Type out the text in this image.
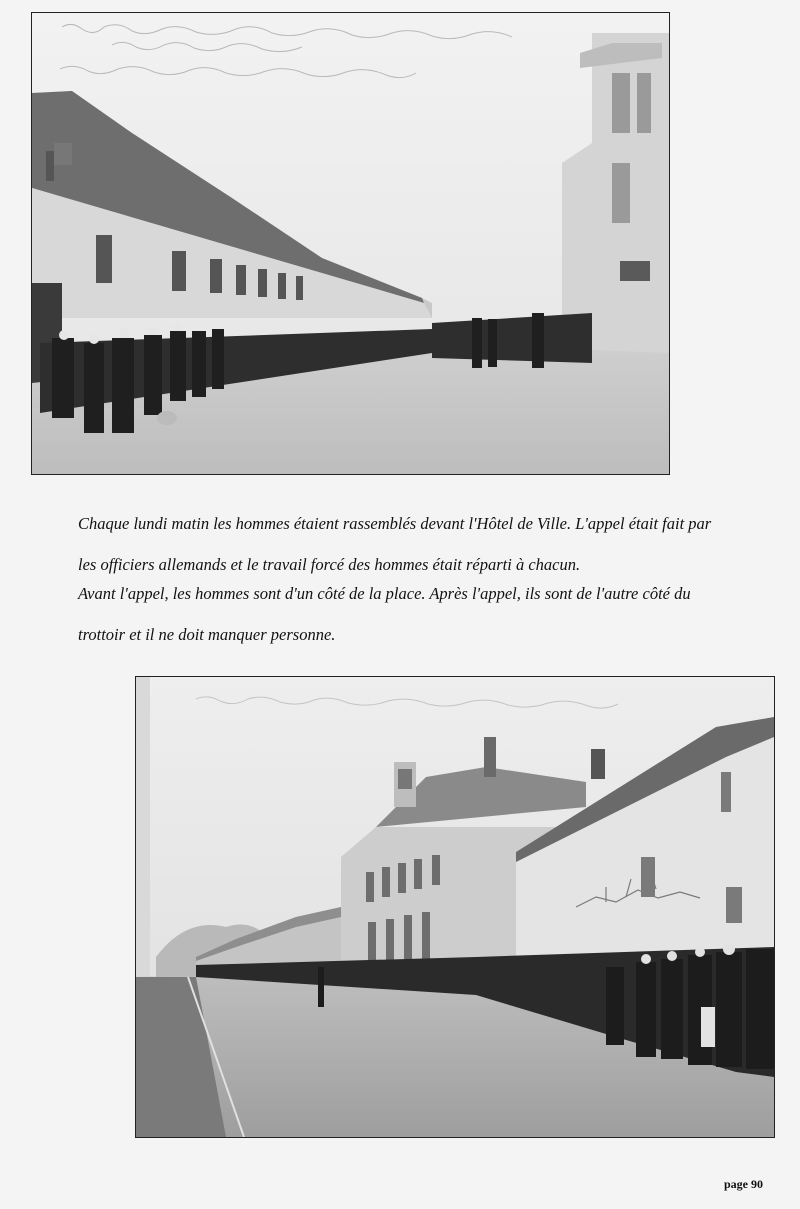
Chaque lundi matin les hommes étaient rassemblés devant l'Hôtel de Ville. L'appel était fait par

les officiers allemands et le travail forcé des hommes était réparti à chacun.

Avant l'appel, les hommes sont d'un côté de la place. Après l'appel, ils sont de l'autre côté du

trottoir et il ne doit manquer personne.

page 90
